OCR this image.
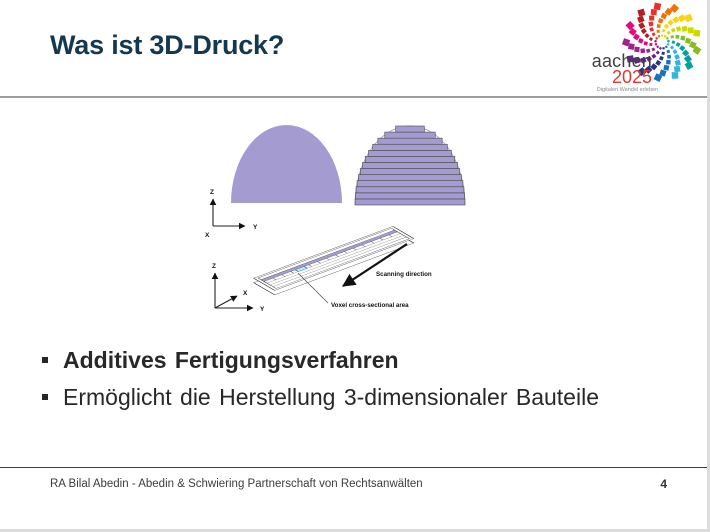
Was ist 3D-Druck?
Z
Y
X
Scanning direction
Voxel cross-sectional area
Z
X
Y
Additives Fertigungsverfahren
Ermöglicht die Herstellung 3-dimensionaler Bauteile
RA Bilal Abedin - Abedin & Schwiering Partnerschaft von Rechtsanwälten	4
aachen
2025
Digitalen Wandel erleben
